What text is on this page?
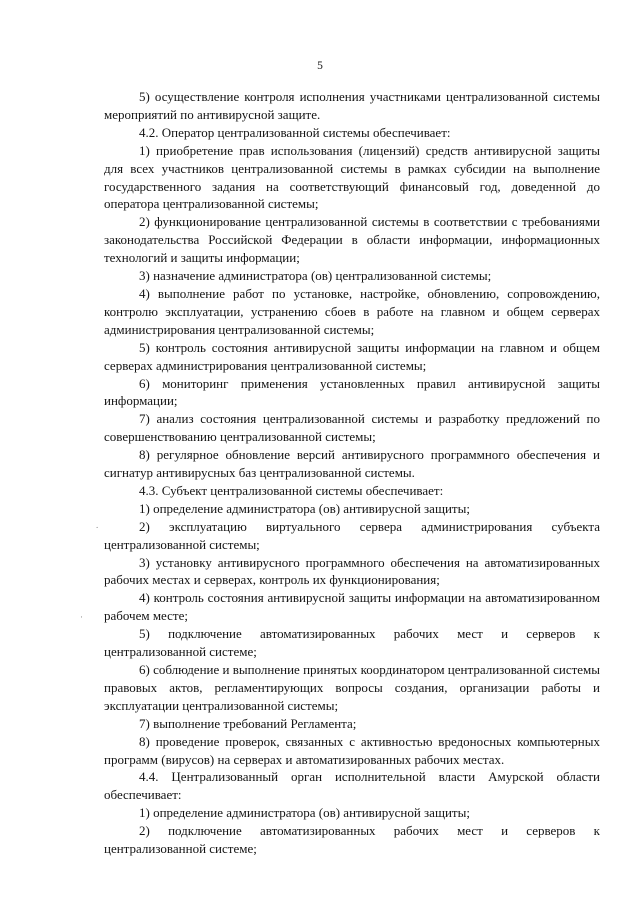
5
.
·

5) осуществление контроля исполнения участниками централизованной системы мероприятий по антивирусной защите.

4.2. Оператор централизованной системы обеспечивает:

1) приобретение прав использования (лицензий) средств антивирусной защиты для всех участников централизованной системы в рамках субсидии на выполнение государственного задания на соответствующий финансовый год, доведенной до оператора централизованной системы;

2) функционирование централизованной системы в соответствии с требованиями законодательства Российской Федерации в области информации, информационных технологий и защиты информации;

3) назначение администратора (ов) централизованной системы;

4) выполнение работ по установке, настройке, обновлению, сопровождению, контролю эксплуатации, устранению сбоев в работе на главном и общем серверах администрирования централизованной системы;

5) контроль состояния антивирусной защиты информации на главном и общем серверах администрирования централизованной системы;

6) мониторинг применения установленных правил антивирусной защиты информации;

7) анализ состояния централизованной системы и разработку предложений по совершенствованию централизованной системы;

8) регулярное обновление версий антивирусного программного обеспечения и сигнатур антивирусных баз централизованной системы.

4.3. Субъект централизованной системы обеспечивает:

1) определение администратора (ов) антивирусной защиты;

2) эксплуатацию виртуального сервера администрирования субъекта централизованной системы;

3) установку антивирусного программного обеспечения на автоматизированных рабочих местах и серверах, контроль их функционирования;

4) контроль состояния антивирусной защиты информации на автоматизированном рабочем месте;

5) подключение автоматизированных рабочих мест и серверов к централизованной системе;

6) соблюдение и выполнение принятых координатором централизованной системы правовых актов, регламентирующих вопросы создания, организации работы и эксплуатации централизованной системы;

7) выполнение требований Регламента;

8) проведение проверок, связанных с активностью вредоносных компьютерных программ (вирусов) на серверах и автоматизированных рабочих местах.

4.4. Централизованный орган исполнительной власти Амурской области обеспечивает:

1) определение администратора (ов) антивирусной защиты;

2) подключение автоматизированных рабочих мест и серверов к централизованной системе;
